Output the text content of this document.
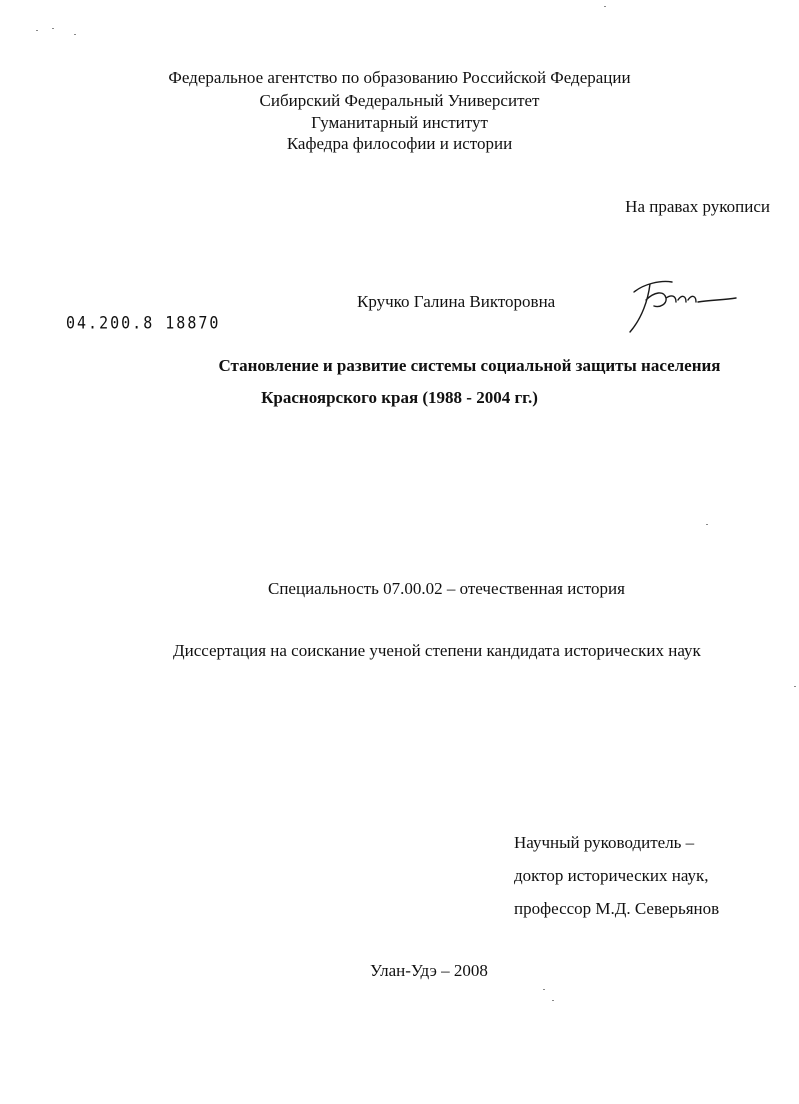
Федеральное агентство по образованию Российской Федерации
Сибирский Федеральный Университет
Гуманитарный институт
Кафедра философии и истории
На правах рукописи
Кручко Галина Викторовна
04.200.8 18870
Становление и развитие системы социальной защиты населения
Красноярского края (1988 - 2004 гг.)
Специальность 07.00.02 – отечественная история
Диссертация на соискание ученой степени кандидата исторических наук
Научный руководитель –
доктор исторических наук,
профессор М.Д. Северьянов
Улан-Удэ – 2008
